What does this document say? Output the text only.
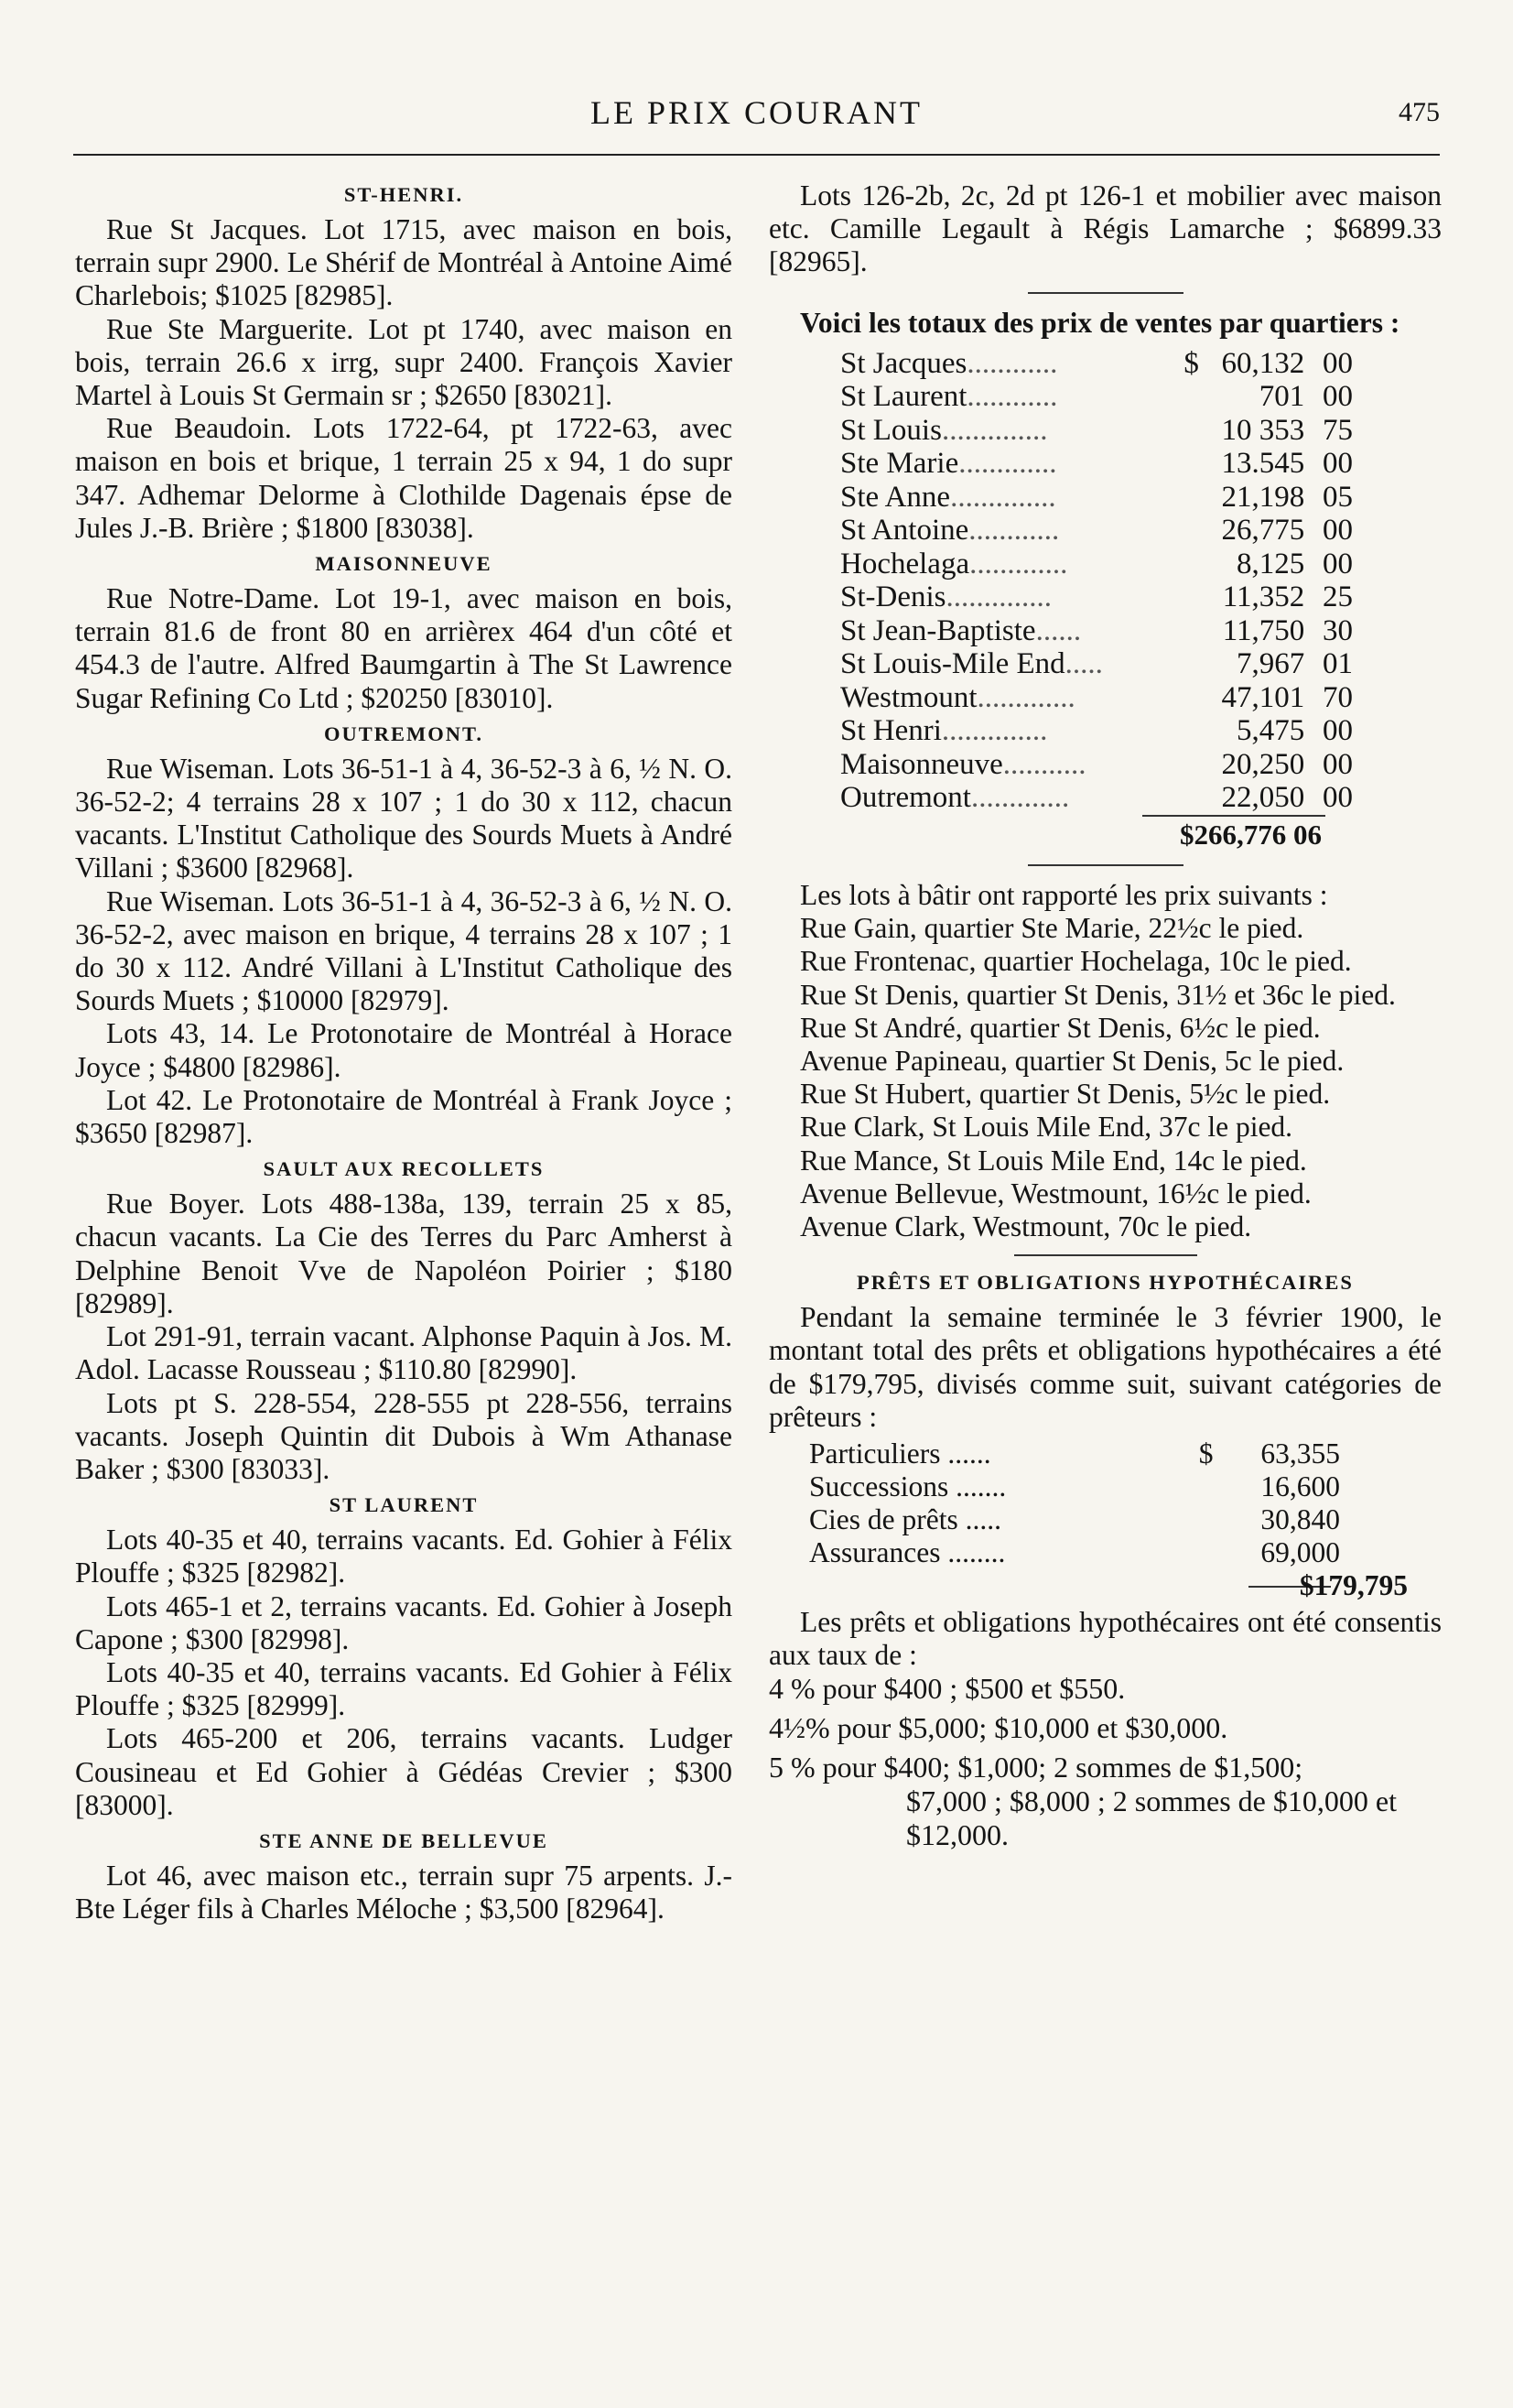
LE PRIX COURANT	475
ST-HENRI.

Rue St Jacques. Lot 1715, avec maison en bois, terrain supr 2900. Le Shérif de Montréal à Antoine Aimé Charlebois; $1025 [82985].

Rue Ste Marguerite. Lot pt 1740, avec maison en bois, terrain 26.6 x irrg, supr 2400. François Xavier Martel à Louis St Germain sr ; $2650 [83021].

Rue Beaudoin. Lots 1722-64, pt 1722-63, avec maison en bois et brique, 1 terrain 25 x 94, 1 do supr 347. Adhemar Delorme à Clothilde Dagenais épse de Jules J.-B. Brière ; $1800 [83038].

MAISONNEUVE

Rue Notre-Dame. Lot 19-1, avec maison en bois, terrain 81.6 de front 80 en arrièrex 464 d'un côté et 454.3 de l'autre. Alfred Baumgartin à The St Lawrence Sugar Refining Co Ltd ; $20250 [83010].

OUTREMONT.

Rue Wiseman. Lots 36-51-1 à 4, 36-52-3 à 6, ½ N. O. 36-52-2; 4 terrains 28 x 107 ; 1 do 30 x 112, chacun vacants. L'Institut Catholique des Sourds Muets à André Villani ; $3600 [82968].

Rue Wiseman. Lots 36-51-1 à 4, 36-52-3 à 6, ½ N. O. 36-52-2, avec maison en brique, 4 terrains 28 x 107 ; 1 do 30 x 112. André Villani à L'Institut Catholique des Sourds Muets ; $10000 [82979].

Lots 43, 14. Le Protonotaire de Montréal à Horace Joyce ; $4800 [82986].

Lot 42. Le Protonotaire de Montréal à Frank Joyce ; $3650 [82987].

SAULT AUX RECOLLETS

Rue Boyer. Lots 488-138a, 139, terrain 25 x 85, chacun vacants. La Cie des Terres du Parc Amherst à Delphine Benoit Vve de Napoléon Poirier ; $180 [82989].

Lot 291-91, terrain vacant. Alphonse Paquin à Jos. M. Adol. Lacasse Rousseau ; $110.80 [82990].

Lots pt S. 228-554, 228-555 pt 228-556, terrains vacants. Joseph Quintin dit Dubois à Wm Athanase Baker ; $300 [83033].

ST LAURENT

Lots 40-35 et 40, terrains vacants. Ed. Gohier à Félix Plouffe ; $325 [82982].

Lots 465-1 et 2, terrains vacants. Ed. Gohier à Joseph Capone ; $300 [82998].

Lots 40-35 et 40, terrains vacants. Ed Gohier à Félix Plouffe ; $325 [82999].

Lots 465-200 et 206, terrains vacants. Ludger Cousineau et Ed Gohier à Gédéas Crevier ; $300 [83000].

STE ANNE DE BELLEVUE

Lot 46, avec maison etc., terrain supr 75 arpents. J.-Bte Léger fils à Charles Méloche ; $3,500 [82964].

Lots 126-2b, 2c, 2d pt 126-1 et mobilier avec maison etc. Camille Legault à Régis Lamarche ; $6899.33 [82965].

Voici les totaux des prix de ventes par quartiers :

St Jacques............	$	60,132	00
St Laurent............		701	00
St Louis..............		10 353	75
Ste Marie.............		13.545	00
Ste Anne..............		21,198	05
St Antoine............		26,775	00
Hochelaga.............		8,125	00
St-Denis..............		11,352	25
St Jean-Baptiste......		11,750	30
St Louis-Mile End.....		7,967	01
Westmount.............		47,101	70
St Henri..............		5,475	00
Maisonneuve...........		20,250	00
Outremont.............		22,050	00
$266,776 06

Les lots à bâtir ont rapporté les prix suivants :

Rue Gain, quartier Ste Marie, 22½c le pied.

Rue Frontenac, quartier Hochelaga, 10c le pied.

Rue St Denis, quartier St Denis, 31½ et 36c le pied.

Rue St André, quartier St Denis, 6½c le pied.

Avenue Papineau, quartier St Denis, 5c le pied.

Rue St Hubert, quartier St Denis, 5½c le pied.

Rue Clark, St Louis Mile End, 37c le pied.

Rue Mance, St Louis Mile End, 14c le pied.

Avenue Bellevue, Westmount, 16½c le pied.

Avenue Clark, Westmount, 70c le pied.

PRÊTS ET OBLIGATIONS HYPOTHÉCAIRES

Pendant la semaine terminée le 3 février 1900, le montant total des prêts et obligations hypothécaires a été de $179,795, divisés comme suit, suivant catégories de prêteurs :

Particuliers ......	$	63,355
Successions .......		16,600
Cies de prêts .....		30,840
Assurances ........		69,000
$179,795

Les prêts et obligations hypothécaires ont été consentis aux taux de :

4 % pour $400 ; $500 et $550.
4½% pour $5,000; $10,000 et $30,000.
5 % pour $400; $1,000; 2 sommes de $1,500;
$7,000 ; $8,000 ; 2 sommes de $10,000 et $12,000.
